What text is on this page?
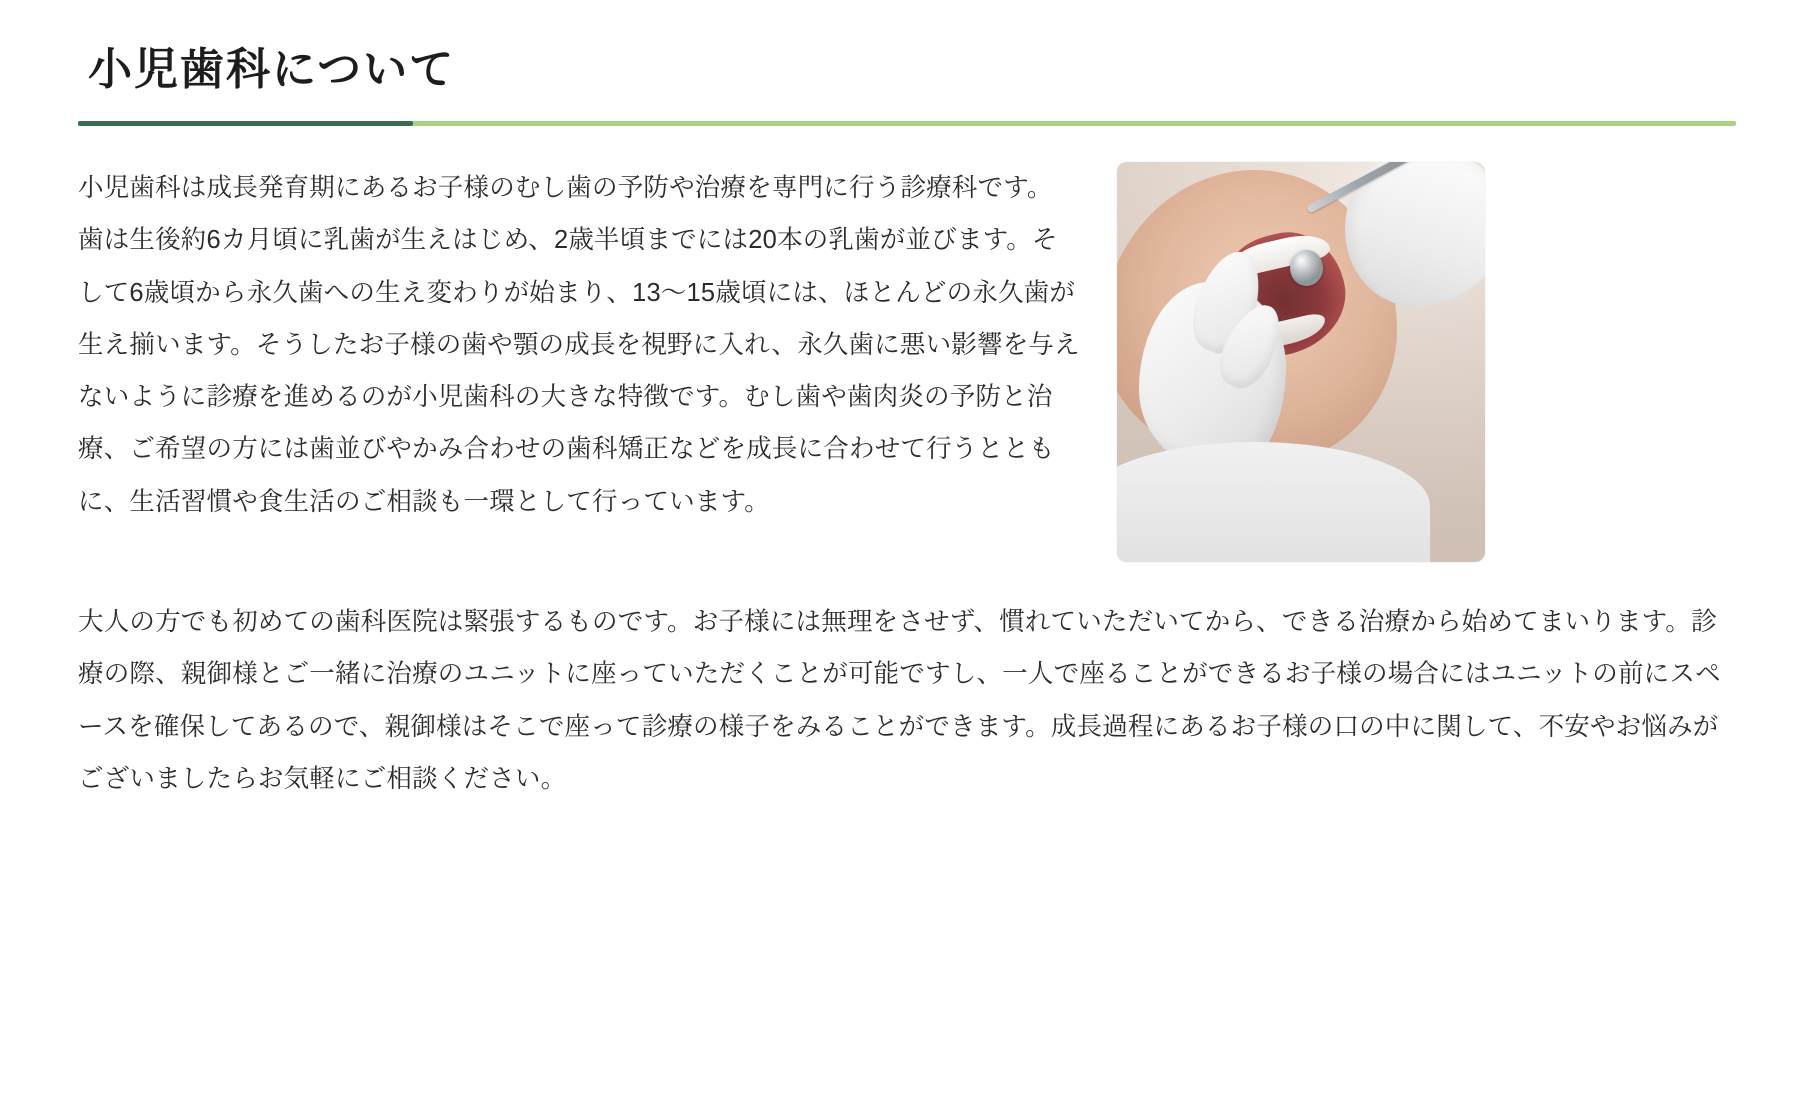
小児歯科について

小児歯科は成長発育期にあるお子様のむし歯の予防や治療を専門に行う診療科です。 歯は生後約6カ月頃に乳歯が生えはじめ、2歳半頃までには20本の乳歯が並びます。そして6歳頃から永久歯への生え変わりが始まり、13〜15歳頃には、ほとんどの永久歯が生え揃います。そうしたお子様の歯や顎の成長を視野に入れ、永久歯に悪い影響を与えないように診療を進めるのが小児歯科の大きな特徴です。むし歯や歯肉炎の予防と治療、ご希望の方には歯並びやかみ合わせの歯科矯正などを成長に合わせて行うとともに、生活習慣や食生活のご相談も一環として行っています。

大人の方でも初めての歯科医院は緊張するものです。お子様には無理をさせず、慣れていただいてから、できる治療から始めてまいります。診療の際、親御様とご一緒に治療のユニットに座っていただくことが可能ですし、一人で座ることができるお子様の場合にはユニットの前にスペースを確保してあるので、親御様はそこで座って診療の様子をみることができます。成長過程にあるお子様の口の中に関して、不安やお悩みがございましたらお気軽にご相談ください。
